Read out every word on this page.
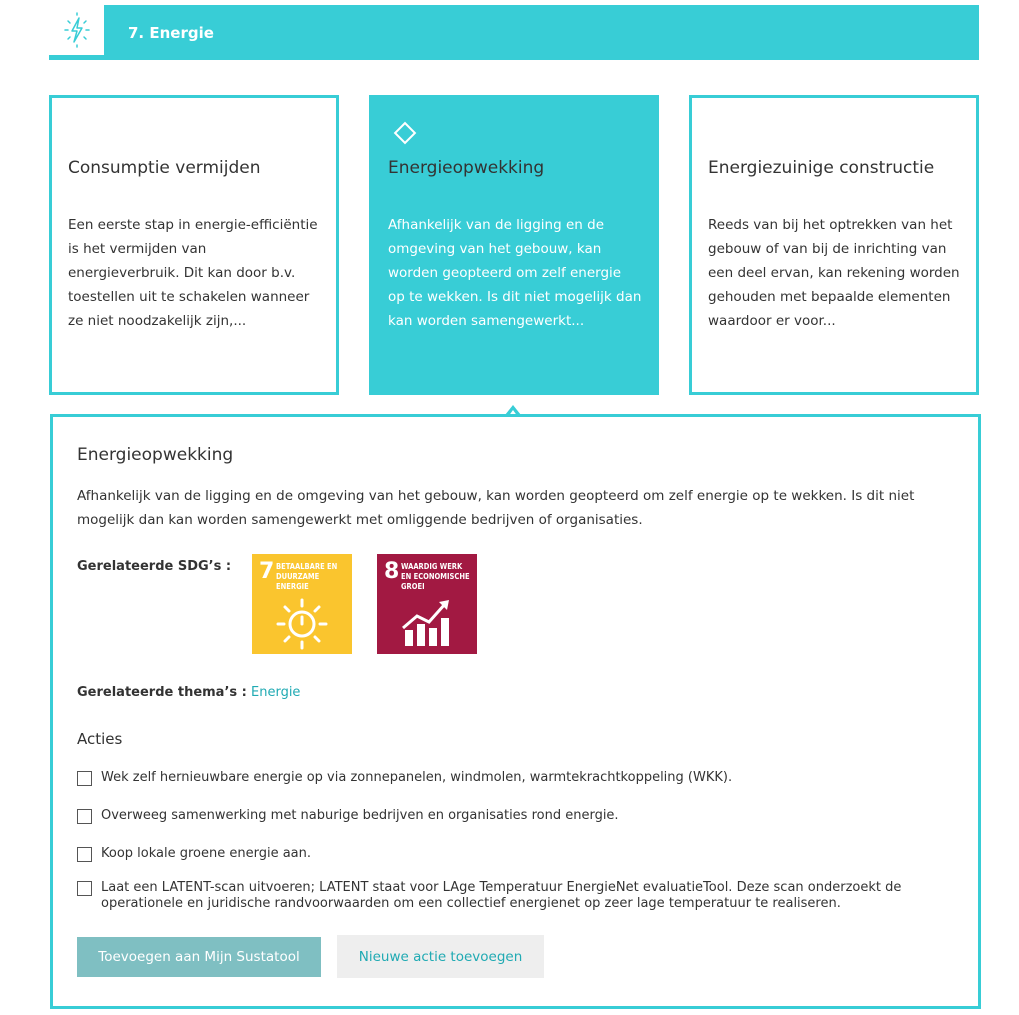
7. Energie
Consumptie vermijden
Een eerste stap in energie-efficiëntie is het vermijden van energieverbruik. Dit kan door b.v. toestellen uit te schakelen wanneer ze niet noodzakelijk zijn,...
Energieopwekking
Afhankelijk van de ligging en de omgeving van het gebouw, kan worden geopteerd om zelf energie op te wekken. Is dit niet mogelijk dan kan worden samengewerkt...
Energiezuinige constructie
Reeds van bij het optrekken van het gebouw of van bij de inrichting van een deel ervan, kan rekening worden gehouden met bepaalde elementen waardoor er voor...
Energieopwekking
Afhankelijk van de ligging en de omgeving van het gebouw, kan worden geopteerd om zelf energie op te wekken. Is dit niet mogelijk dan kan worden samengewerkt met omliggende bedrijven of organisaties.
Gerelateerde SDG’s : 7 BETAALBARE EN DUURZAME ENERGIE
8 WAARDIG WERK EN ECONOMISCHE GROEI
Gerelateerde thema’s : Energie
Acties
Wek zelf hernieuwbare energie op via zonnepanelen, windmolen, warmtekrachtkoppeling (WKK).
Overweeg samenwerking met naburige bedrijven en organisaties rond energie.
Koop lokale groene energie aan.
Laat een LATENT-scan uitvoeren; LATENT staat voor LAge Temperatuur EnergieNet evaluatieTool. Deze scan onderzoekt de operationele en juridische randvoorwaarden om een collectief energienet op zeer lage temperatuur te realiseren.
Toevoegen aan Mijn Sustatool	Nieuwe actie toevoegen
